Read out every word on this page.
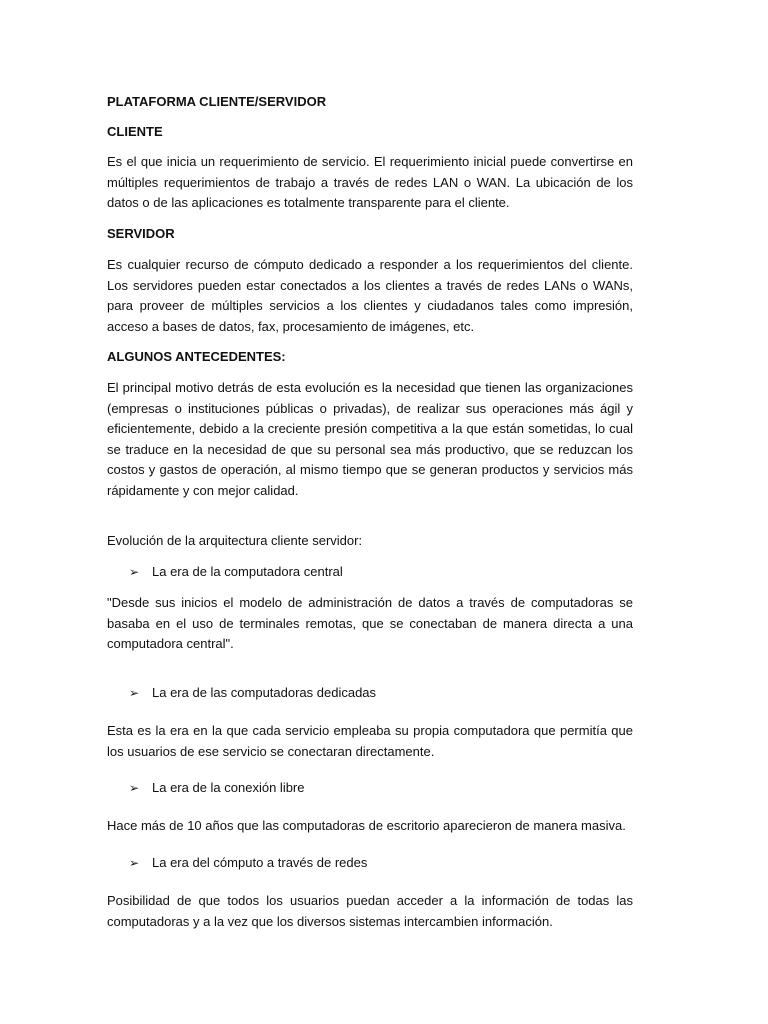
PLATAFORMA CLIENTE/SERVIDOR

CLIENTE

Es el que inicia un requerimiento de servicio. El requerimiento inicial puede convertirse en múltiples requerimientos de trabajo a través de redes LAN o WAN. La ubicación de los datos o de las aplicaciones es totalmente transparente para el cliente.

SERVIDOR

Es cualquier recurso de cómputo dedicado a responder a los requerimientos del cliente. Los servidores pueden estar conectados a los clientes a través de redes LANs o WANs, para proveer de múltiples servicios a los clientes y ciudadanos tales como impresión, acceso a bases de datos, fax, procesamiento de imágenes, etc.

ALGUNOS ANTECEDENTES:

El principal motivo detrás de esta evolución es la necesidad que tienen las organizaciones (empresas o instituciones públicas o privadas), de realizar sus operaciones más ágil y eficientemente, debido a la creciente presión competitiva a la que están sometidas, lo cual se traduce en la necesidad de que su personal sea más productivo, que se reduzcan los costos y gastos de operación, al mismo tiempo que se generan productos y servicios más rápidamente y con mejor calidad.

Evolución de la arquitectura cliente servidor:

➢ La era de la computadora central

"Desde sus inicios el modelo de administración de datos a través de computadoras se basaba en el uso de terminales remotas, que se conectaban de manera directa a una computadora central".

➢ La era de las computadoras dedicadas

Esta es la era en la que cada servicio empleaba su propia computadora que permitía que los usuarios de ese servicio se conectaran directamente.

➢ La era de la conexión libre

Hace más de 10 años que las computadoras de escritorio aparecieron de manera masiva.

➢ La era del cómputo a través de redes

Posibilidad de que todos los usuarios puedan acceder a la información de todas las computadoras y a la vez que los diversos sistemas intercambien información.
